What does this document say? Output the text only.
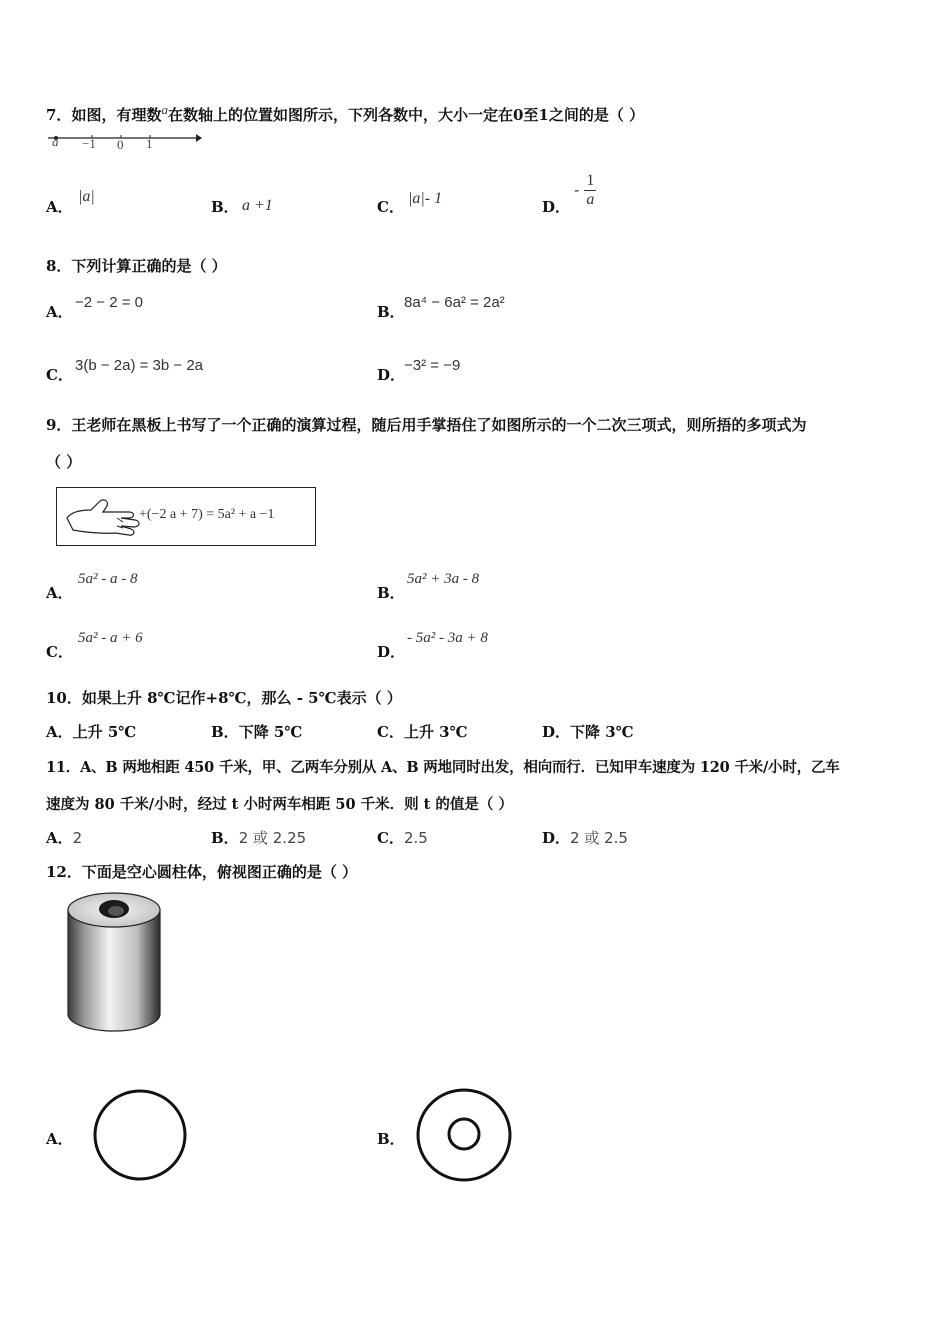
7．如图，有理数$^a$在数轴上的位置如图所示，下列各数中，大小一定在0至1之间的是（ ）
a −1 0 1
A．
|a|
B． a +1	C． |a|- 1	D．
- $\frac{1}{a}$
8．下列计算正确的是（ ）
A．
−2 − 2 = 0
B．
8a⁴ − 6a² = 2a²
C．
3(b − 2a) = 3b − 2a
D．
−3² = −9
9．王老师在黑板上书写了一个正确的演算过程，随后用手掌捂住了如图所示的一个二次三项式，则所捂的多项式为
（ ）
+(−2 a + 7) = 5a² + a −1
A．
5a² - a - 8
B．
5a² + 3a - 8
C．
5a² - a + 6
D．
- 5a² - 3a + 8
10．如果上升 8℃记作+8℃，那么 - 5℃表示（ ）
A．上升 5℃	B．下降 5℃	C．上升 3℃	D．下降 3℃
11．A、B 两地相距 450 千米，甲、乙两车分别从 A、B 两地同时出发，相向而行．已知甲车速度为 120 千米/小时，乙车
速度为 80 千米/小时，经过 t 小时两车相距 50 千米．则 t 的值是（ ）
A．2	B．2 或 2.25	C．2.5	D．2 或 2.5
12．下面是空心圆柱体，俯视图正确的是（ ）
A．	B．
